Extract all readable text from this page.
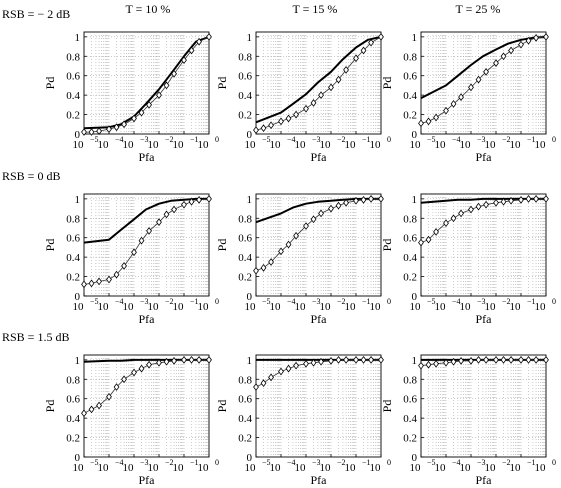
T = 10 %	T = 15 %	T = 25 %
RSB = − 2 dB
RSB = 0 dB
RSB = 1.5 dB
0
0.2
0.4
0.6
0.8
1
10 −5
10 −4
10 −3
10 −2
10 −1
10 0
Pfa
Pd
0
0.2
0.4
0.6
0.8
1
10 −5
10 −4
10 −3
10 −2
10 −1
10 0
Pfa
Pd
0
0.2
0.4
0.6
0.8
1
10 −5
10 −4
10 −3
10 −2
10 −1
10 0
Pfa
Pd
0
0.2
0.4
0.6
0.8
1
10 −5
10 −4
10 −3
10 −2
10 −1
10 0
Pfa
Pd
0
0.2
0.4
0.6
0.8
1
10 −5
10 −4
10 −3
10 −2
10 −1
10 0
Pfa
Pd
0
0.2
0.4
0.6
0.8
1
10 −5
10 −4
10 −3
10 −2
10 −1
10 0
Pfa
Pd
0
0.2
0.4
0.6
0.8
1
10 −5
10 −4
10 −3
10 −2
10 −1
10 0
Pfa
Pd
0
0.2
0.4
0.6
0.8
1
10 −5
10 −4
10 −3
10 −2
10 −1
10 0
Pfa
Pd
0
0.2
0.4
0.6
0.8
1
10 −5
10 −4
10 −3
10 −2
10 −1
10 0
Pfa
Pd
